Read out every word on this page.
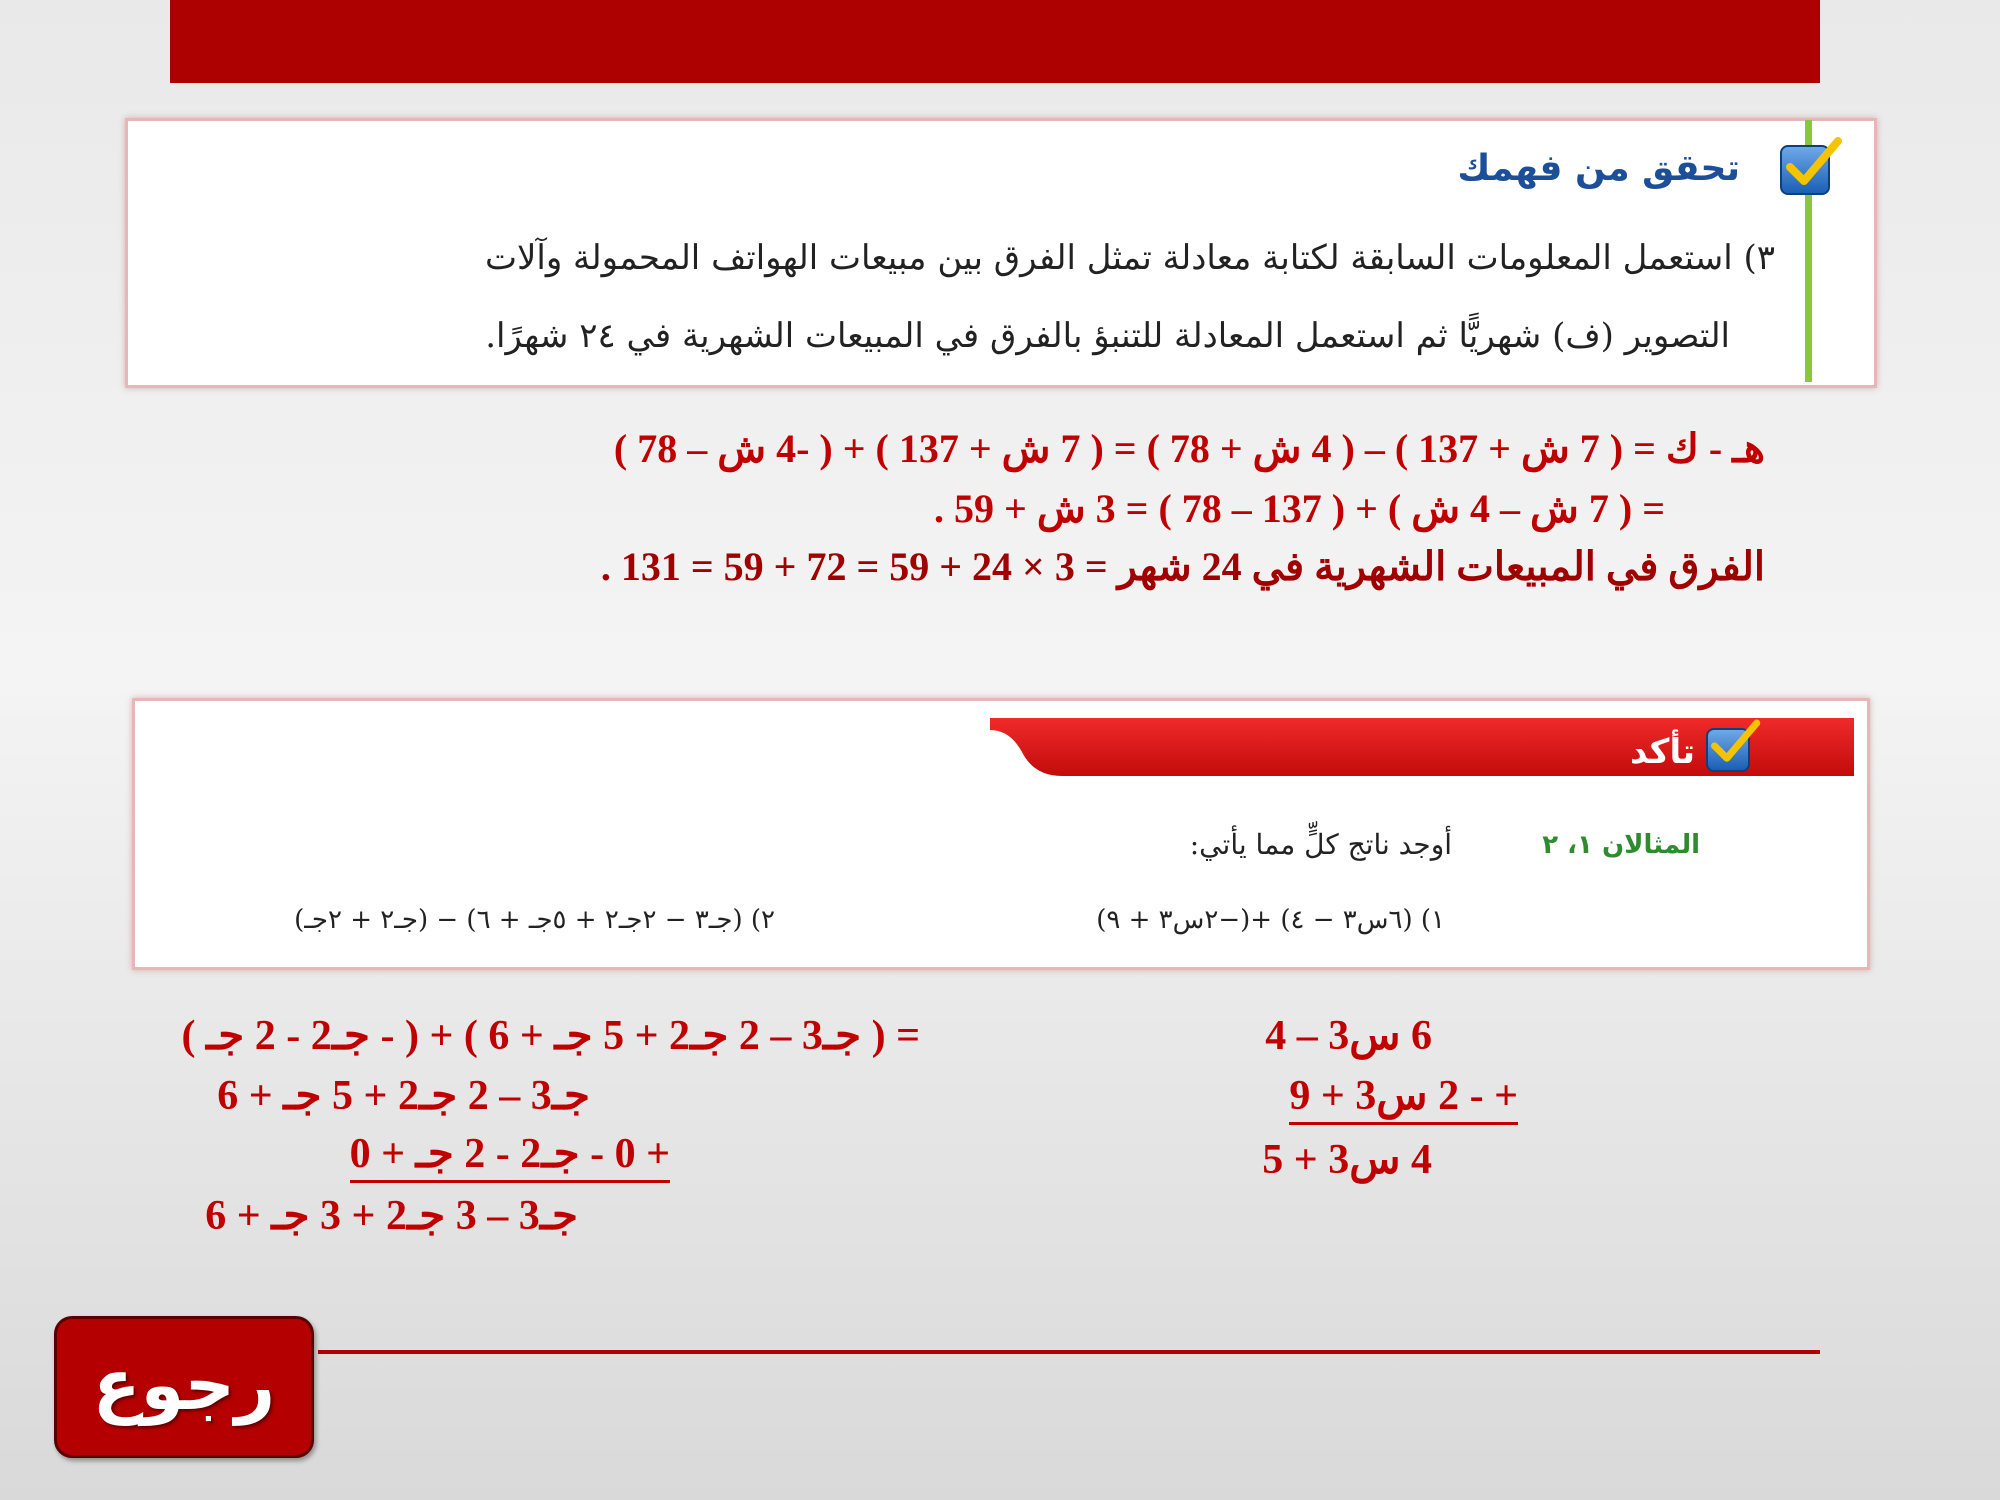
تحقق من فهمك
٣) استعمل المعلومات السابقة لكتابة معادلة تمثل الفرق بين مبيعات الهواتف المحمولة وآلات
التصوير (ف) شهريًّا ثم استعمل المعادلة للتنبؤ بالفرق في المبيعات الشهرية في ٢٤ شهرًا.
هـ - ك = ( 7 ش + 137 ) – ( 4 ش + 78 ) = ( 7 ش + 137 ) + ( -4 ش – 78 )
= ( 7 ش – 4 ش ) + ( 137 – 78 ) = 3 ش + 59 .
الفرق في المبيعات الشهرية في 24 شهر = 3 × 24 + 59 = 72 + 59 = 131 .
تأكد
المثالان ١، ٢
أوجد ناتج كلٍّ مما يأتي:
١) (٦س٣ − ٤) +(−٢س٣ + ٩)
٢) (جـ٣ − ٢جـ٢ + ٥جـ + ٦) − (جـ٢ + ٢جـ)
6 س3 – 4
+ - 2 س3 + 9
4 س3 + 5
= ( جـ3 – 2 جـ2 + 5 جـ + 6 ) + ( - جـ2 - 2 جـ )
جـ3 – 2 جـ2 + 5 جـ + 6
+ 0 - جـ2 - 2 جـ + 0
جـ3 – 3 جـ2 + 3 جـ + 6
رجوع
